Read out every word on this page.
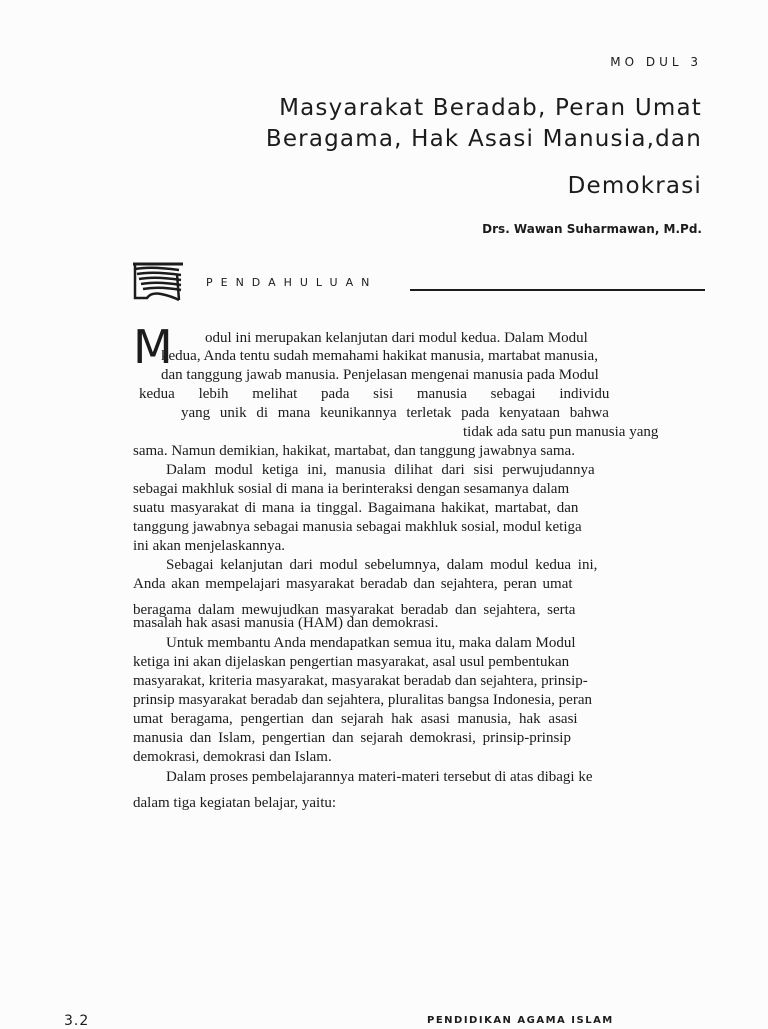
MO DUL 3
Masyarakat Beradab, Peran Umat
Beragama, Hak Asasi Manusia,dan
Demokrasi
Drs. Wawan Suharmawan, M.Pd.
PENDAHULUAN
M odul ini merupakan kelanjutan dari modul kedua. Dalam Modul
kedua, Anda tentu sudah memahami hakikat manusia, martabat manusia,
dan tanggung jawab manusia. Penjelasan mengenai manusia pada Modul
kedua lebih melihat pada sisi manusia sebagai individu
yang unik di mana keunikannya terletak pada kenyataan bahwa
tidak ada satu pun manusia yang
sama. Namun demikian, hakikat, martabat, dan tanggung jawabnya sama.
Dalam modul ketiga ini, manusia dilihat dari sisi perwujudannya
sebagai makhluk sosial di mana ia berinteraksi dengan sesamanya dalam
suatu masyarakat di mana ia tinggal. Bagaimana hakikat, martabat, dan
tanggung jawabnya sebagai manusia sebagai makhluk sosial, modul ketiga
ini akan menjelaskannya.
Sebagai kelanjutan dari modul sebelumnya, dalam modul kedua ini,
Anda akan mempelajari masyarakat beradab dan sejahtera, peran umat
beragama dalam mewujudkan masyarakat beradab dan sejahtera, serta
masalah hak asasi manusia (HAM) dan demokrasi.
Untuk membantu Anda mendapatkan semua itu, maka dalam Modul
ketiga ini akan dijelaskan pengertian masyarakat, asal usul pembentukan
masyarakat, kriteria masyarakat, masyarakat beradab dan sejahtera, prinsip-
prinsip masyarakat beradab dan sejahtera, pluralitas bangsa Indonesia, peran
umat beragama, pengertian dan sejarah hak asasi manusia, hak asasi
manusia dan Islam, pengertian dan sejarah demokrasi, prinsip-prinsip
demokrasi, demokrasi dan Islam.
Dalam proses pembelajarannya materi-materi tersebut di atas dibagi ke
dalam tiga kegiatan belajar, yaitu:
3.2	PENDIDIKAN AGAMA ISLAM
